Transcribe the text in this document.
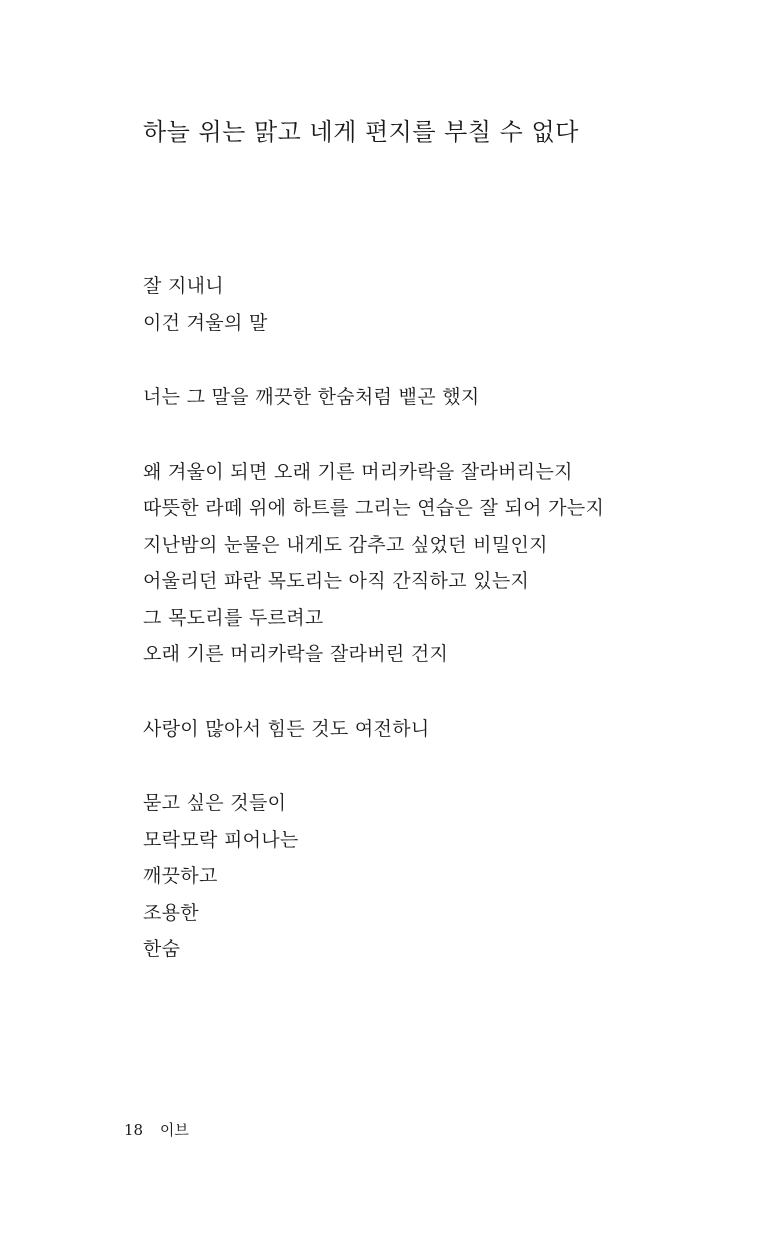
하늘 위는 맑고 네게 편지를 부칠 수 없다
잘 지내니
이건 겨울의 말
너는 그 말을 깨끗한 한숨처럼 뱉곤 했지
왜 겨울이 되면 오래 기른 머리카락을 잘라버리는지
따뜻한 라떼 위에 하트를 그리는 연습은 잘 되어 가는지
지난밤의 눈물은 내게도 감추고 싶었던 비밀인지
어울리던 파란 목도리는 아직 간직하고 있는지
그 목도리를 두르려고
오래 기른 머리카락을 잘라버린 건지
사랑이 많아서 힘든 것도 여전하니
묻고 싶은 것들이
모락모락 피어나는
깨끗하고
조용한
한숨
18 이브
